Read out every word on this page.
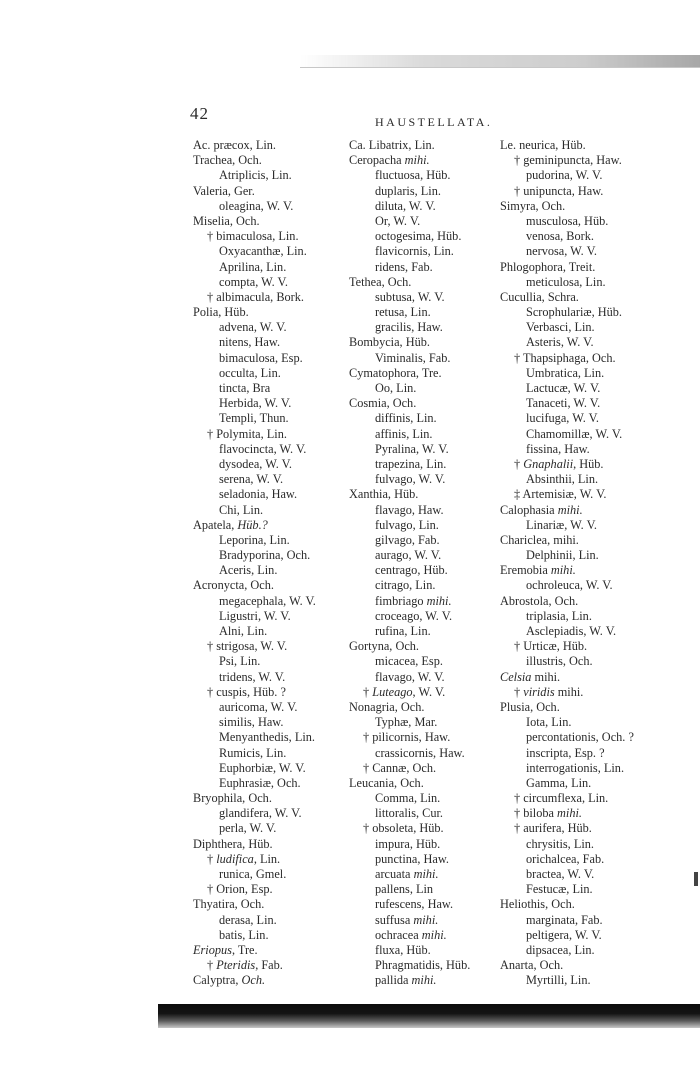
42	HAUSTELLATA.
Ac. præcox, Lin.
Trachea, Och.
Atriplicis, Lin.
Valeria, Ger.
oleagina, W. V.
Miselia, Och.
† bimaculosa, Lin.
Oxyacanthæ, Lin.
Aprilina, Lin.
compta, W. V.
† albimacula, Bork.
Polia, Hüb.
advena, W. V.
nitens, Haw.
bimaculosa, Esp.
occulta, Lin.
tincta, Bra
Herbida, W. V.
Templi, Thun.
† Polymita, Lin.
flavocincta, W. V.
dysodea, W. V.
serena, W. V.
seladonia, Haw.
Chi, Lin.
Apatela, Hüb.?
Leporina, Lin.
Bradyporina, Och.
Aceris, Lin.
Acronycta, Och.
megacephala, W. V.
Ligustri, W. V.
Alni, Lin.
† strigosa, W. V.
Psi, Lin.
tridens, W. V.
† cuspis, Hüb. ?
auricoma, W. V.
similis, Haw.
Menyanthedis, Lin.
Rumicis, Lin.
Euphorbiæ, W. V.
Euphrasiæ, Och.
Bryophila, Och.
glandifera, W. V.
perla, W. V.
Diphthera, Hüb.
† ludifica, Lin.
runica, Gmel.
† Orion, Esp.
Thyatira, Och.
derasa, Lin.
batis, Lin.
Eriopus, Tre.
† Pteridis, Fab.
Calyptra, Och.
Ca. Libatrix, Lin.
Ceropacha mihi.
fluctuosa, Hüb.
duplaris, Lin.
diluta, W. V.
Or, W. V.
octogesima, Hüb.
flavicornis, Lin.
ridens, Fab.
Tethea, Och.
subtusa, W. V.
retusa, Lin.
gracilis, Haw.
Bombycia, Hüb.
Viminalis, Fab.
Cymatophora, Tre.
Oo, Lin.
Cosmia, Och.
diffinis, Lin.
affinis, Lin.
Pyralina, W. V.
trapezina, Lin.
fulvago, W. V.
Xanthia, Hüb.
flavago, Haw.
fulvago, Lin.
gilvago, Fab.
aurago, W. V.
centrago, Hüb.
citrago, Lin.
fimbriago mihi.
croceago, W. V.
rufina, Lin.
Gortyna, Och.
micacea, Esp.
flavago, W. V.
† Luteago, W. V.
Nonagria, Och.
Typhæ, Mar.
† pilicornis, Haw.
crassicornis, Haw.
† Cannæ, Och.
Leucania, Och.
Comma, Lin.
littoralis, Cur.
† obsoleta, Hüb.
impura, Hüb.
punctina, Haw.
arcuata mihi.
pallens, Lin
rufescens, Haw.
suffusa mihi.
ochracea mihi.
fluxa, Hüb.
Phragmatidis, Hüb.
pallida mihi.
Le. neurica, Hüb.
† geminipuncta, Haw.
pudorina, W. V.
† unipuncta, Haw.
Simyra, Och.
musculosa, Hüb.
venosa, Bork.
nervosa, W. V.
Phlogophora, Treit.
meticulosa, Lin.
Cucullia, Schra.
Scrophulariæ, Hüb.
Verbasci, Lin.
Asteris, W. V.
† Thapsiphaga, Och.
Umbratica, Lin.
Lactucæ, W. V.
Tanaceti, W. V.
lucifuga, W. V.
Chamomillæ, W. V.
fissina, Haw.
† Gnaphalii, Hüb.
Absinthii, Lin.
‡ Artemisiæ, W. V.
Calophasia mihi.
Linariæ, W. V.
Chariclea, mihi.
Delphinii, Lin.
Eremobia mihi.
ochroleuca, W. V.
Abrostola, Och.
triplasia, Lin.
Asclepiadis, W. V.
† Urticæ, Hüb.
illustris, Och.
Celsia mihi.
† viridis mihi.
Plusia, Och.
Iota, Lin.
percontationis, Och. ?
inscripta, Esp. ?
interrogationis, Lin.
Gamma, Lin.
† circumflexa, Lin.
† biloba mihi.
† aurifera, Hüb.
chrysitis, Lin.
orichalcea, Fab.
bractea, W. V.
Festucæ, Lin.
Heliothis, Och.
marginata, Fab.
peltigera, W. V.
dipsacea, Lin.
Anarta, Och.
Myrtilli, Lin.
